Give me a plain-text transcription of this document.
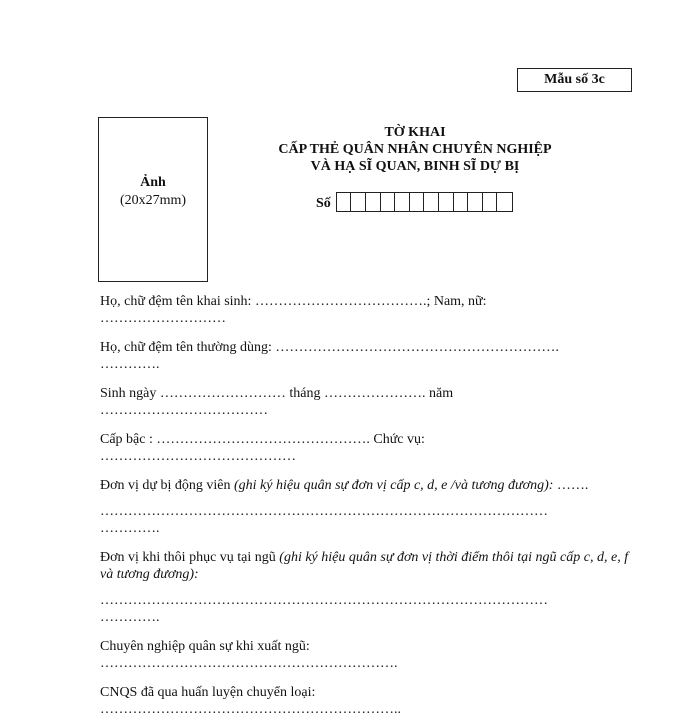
Mẫu số 3c
Ảnh
(20x27mm)
TỜ KHAI
CẤP THẺ QUÂN NHÂN CHUYÊN NGHIỆP
VÀ HẠ SĨ QUAN, BINH SĨ DỰ BỊ
Số
Họ, chữ đệm tên khai sinh: ……………………………….; Nam, nữ:
………………………
Họ, chữ đệm tên thường dùng: …………………………………………………….
………….
Sinh ngày ……………………… tháng …………………. năm
………………………………
Cấp bậc : ………………………………………. Chức vụ:
……………………………………
Đơn vị dự bị động viên (ghi ký hiệu quân sự đơn vị cấp c, d, e /và tương đương): …….
……………………………………………………………………………………
………….
Đơn vị khi thôi phục vụ tại ngũ (ghi ký hiệu quân sự đơn vị thời điểm thôi tại ngũ cấp c, d, e, f và tương đương):
……………………………………………………………………………………
………….
Chuyên nghiệp quân sự khi xuất ngũ:
……………………………………………………….
CNQS đã qua huấn luyện chuyển loại:
………………………………………………………..
